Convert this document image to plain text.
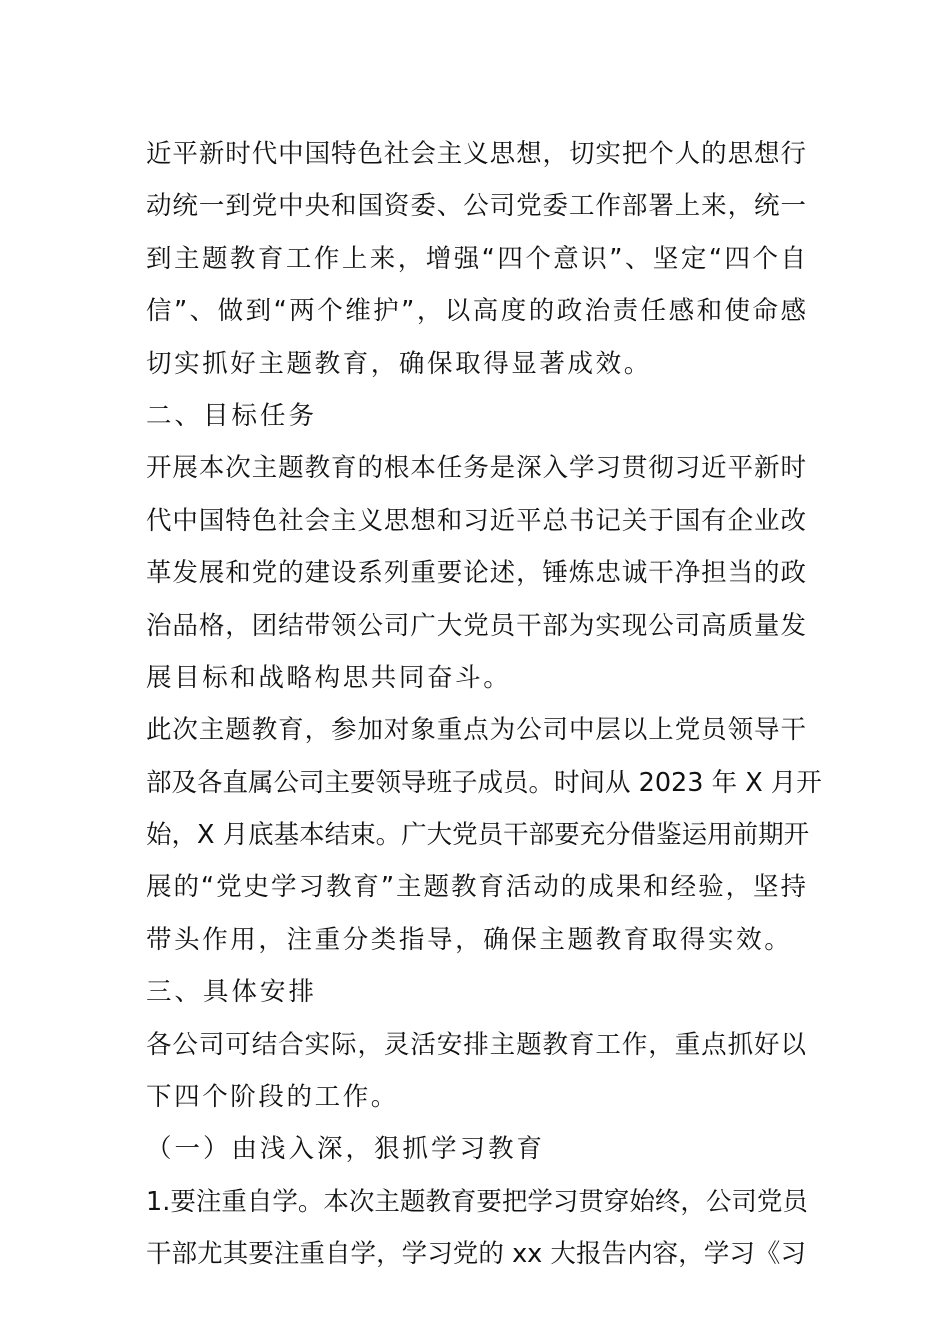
近平新时代中国特色社会主义思想，切实把个人的思想行
动统一到党中央和国资委、公司党委工作部署上来，统一
到主题教育工作上来，增强“四个意识”、坚定“四个自
信”、做到“两个维护”，以高度的政治责任感和使命感
切实抓好主题教育，确保取得显著成效。
二、目标任务
开展本次主题教育的根本任务是深入学习贯彻习近平新时
代中国特色社会主义思想和习近平总书记关于国有企业改
革发展和党的建设系列重要论述，锤炼忠诚干净担当的政
治品格，团结带领公司广大党员干部为实现公司高质量发
展目标和战略构思共同奋斗。
此次主题教育，参加对象重点为公司中层以上党员领导干
部及各直属公司主要领导班子成员。时间从 2023 年 X 月开
始，X 月底基本结束。广大党员干部要充分借鉴运用前期开
展的“党史学习教育”主题教育活动的成果和经验，坚持
带头作用，注重分类指导，确保主题教育取得实效。
三、具体安排
各公司可结合实际，灵活安排主题教育工作，重点抓好以
下四个阶段的工作。
（一）由浅入深，狠抓学习教育
1.要注重自学。本次主题教育要把学习贯穿始终，公司党员
干部尤其要注重自学，学习党的 xx 大报告内容，学习《习
